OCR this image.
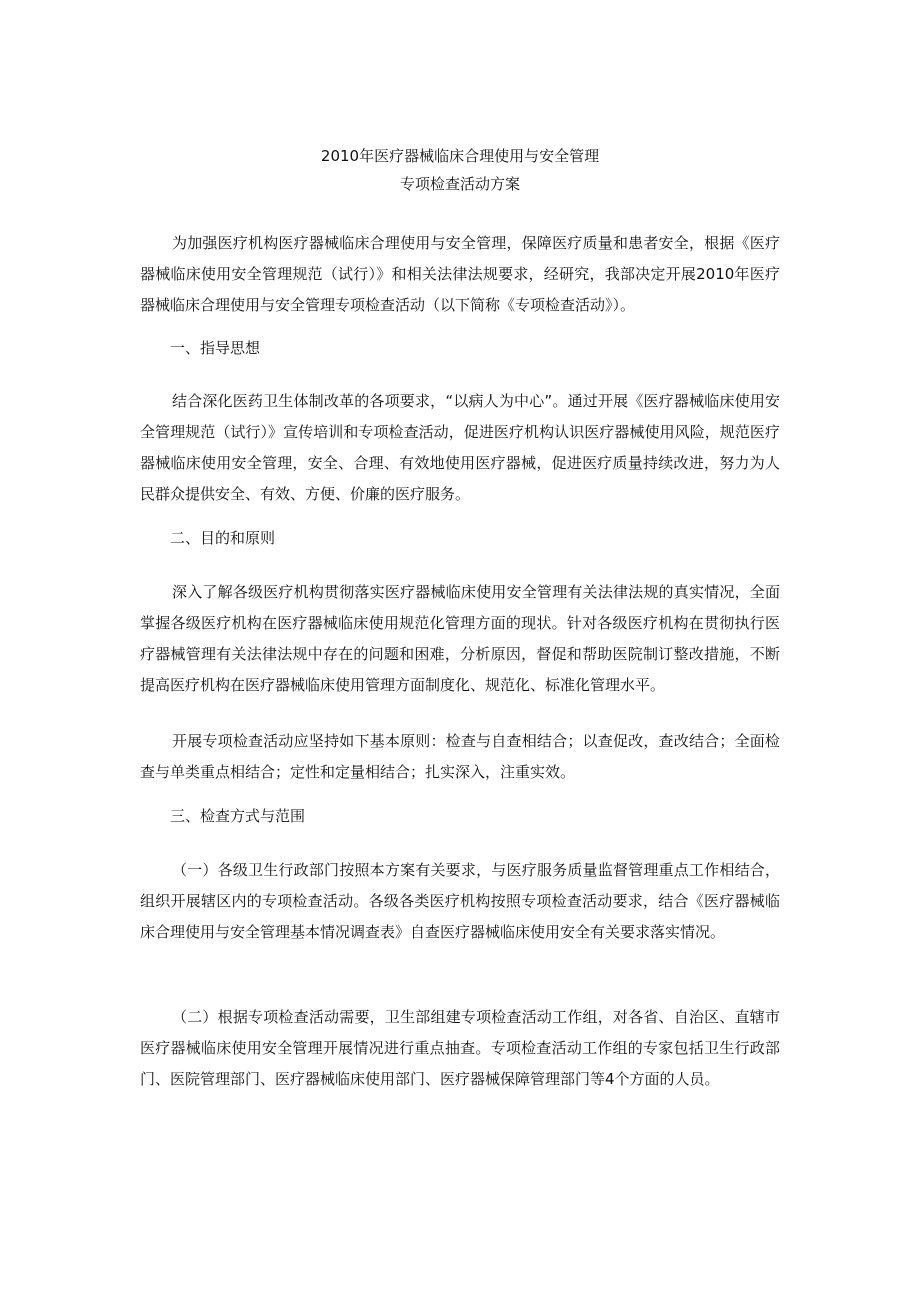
2010年医疗器械临床合理使用与安全管理
专项检查活动方案
为加强医疗机构医疗器械临床合理使用与安全管理，保障医疗质量和患者安全，根据《医疗器械临床使用安全管理规范（试行）》和相关法律法规要求，经研究，我部决定开展2010年医疗器械临床合理使用与安全管理专项检查活动（以下简称《专项检查活动》）。
一、指导思想
结合深化医药卫生体制改革的各项要求，“以病人为中心”。通过开展《医疗器械临床使用安全管理规范（试行）》宣传培训和专项检查活动，促进医疗机构认识医疗器械使用风险，规范医疗器械临床使用安全管理，安全、合理、有效地使用医疗器械，促进医疗质量持续改进，努力为人民群众提供安全、有效、方便、价廉的医疗服务。
二、目的和原则
深入了解各级医疗机构贯彻落实医疗器械临床使用安全管理有关法律法规的真实情况，全面掌握各级医疗机构在医疗器械临床使用规范化管理方面的现状。针对各级医疗机构在贯彻执行医疗器械管理有关法律法规中存在的问题和困难，分析原因，督促和帮助医院制订整改措施，不断提高医疗机构在医疗器械临床使用管理方面制度化、规范化、标准化管理水平。
开展专项检查活动应坚持如下基本原则：检查与自查相结合；以查促改，查改结合；全面检查与单类重点相结合；定性和定量相结合；扎实深入，注重实效。
三、检查方式与范围
（一）各级卫生行政部门按照本方案有关要求，与医疗服务质量监督管理重点工作相结合，组织开展辖区内的专项检查活动。各级各类医疗机构按照专项检查活动要求，结合《医疗器械临床合理使用与安全管理基本情况调查表》自查医疗器械临床使用安全有关要求落实情况。
（二）根据专项检查活动需要，卫生部组建专项检查活动工作组，对各省、自治区、直辖市医疗器械临床使用安全管理开展情况进行重点抽查。专项检查活动工作组的专家包括卫生行政部门、医院管理部门、医疗器械临床使用部门、医疗器械保障管理部门等4个方面的人员。
